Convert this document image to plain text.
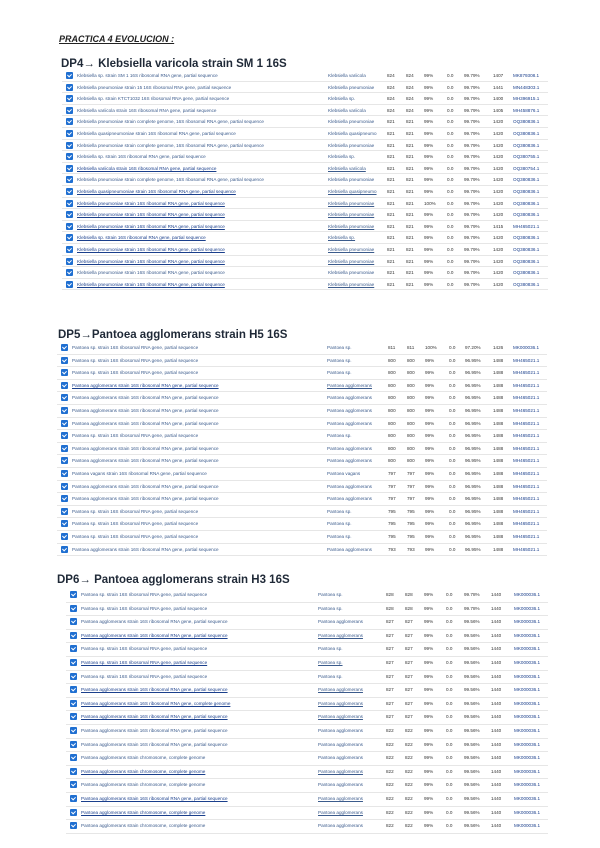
PRACTICA 4 EVOLUCION :
DP4→ Klebsiella varicola strain SM 1 16S
Klebsiella sp. strain SM 1 16S ribosomal RNA gene, partial sequence	Klebsiella variicola	824	824	99%	0.0	99.79%	1407	MK879308.1
Klebsiella pneumoniae strain 15 16S ribosomal RNA gene, partial sequence	Klebsiella pneumoniae	824	824	99%	0.0	99.79%	1441	MN448303.1
Klebsiella sp. strain KTCT1032 16S ribosomal RNA gene, partial sequence	Klebsiella sp.	824	824	99%	0.0	99.79%	1400	MH396915.1
Klebsiella variicola strain 16S ribosomal RNA gene, partial sequence	Klebsiella variicola	824	824	99%	0.0	99.79%	1405	MH458876.1
Klebsiella pneumoniae strain complete genome, 16S ribosomal RNA gene, partial sequence	Klebsiella pneumoniae	821	821	99%	0.0	99.79%	1420	OQ380836.1
Klebsiella quasipneumoniae strain 16S ribosomal RNA gene, partial sequence	Klebsiella quasipneumo	821	821	99%	0.0	99.79%	1420	OQ380836.1
Klebsiella pneumoniae strain complete genome, 16S ribosomal RNA gene, partial sequence	Klebsiella pneumoniae	821	821	99%	0.0	99.79%	1420	OQ380836.1
Klebsiella sp. strain 16S ribosomal RNA gene, partial sequence	Klebsiella sp.	821	821	99%	0.0	99.79%	1420	OQ380755.1
Klebsiella variicola strain 16S ribosomal RNA gene, partial sequence	Klebsiella variicola	821	821	99%	0.0	99.79%	1420	OQ380754.1
Klebsiella pneumoniae strain complete genome, 16S ribosomal RNA gene, partial sequence	Klebsiella pneumoniae	821	821	99%	0.0	99.79%	1420	OQ380836.1
Klebsiella quasipneumoniae strain 16S ribosomal RNA gene, partial sequence	Klebsiella quasipneumo	821	821	99%	0.0	99.79%	1420	OQ380836.1
Klebsiella pneumoniae strain 16S ribosomal RNA gene, partial sequence	Klebsiella pneumoniae	821	821	100%	0.0	99.79%	1420	OQ380836.1
Klebsiella pneumoniae strain 16S ribosomal RNA gene, partial sequence	Klebsiella pneumoniae	821	821	99%	0.0	99.79%	1420	OQ380836.1
Klebsiella pneumoniae strain 16S ribosomal RNA gene, partial sequence	Klebsiella pneumoniae	821	821	99%	0.0	99.79%	1415	MH465021.1
Klebsiella sp. strain 16S ribosomal RNA gene, partial sequence	Klebsiella sp.	821	821	99%	0.0	99.79%	1420	OQ380836.1
Klebsiella pneumoniae strain 16S ribosomal RNA gene, partial sequence	Klebsiella pneumoniae	821	821	99%	0.0	99.79%	1420	OQ380836.1
Klebsiella pneumoniae strain 16S ribosomal RNA gene, partial sequence	Klebsiella pneumoniae	821	821	99%	0.0	99.79%	1420	OQ380836.1
Klebsiella pneumoniae strain 16S ribosomal RNA gene, partial sequence	Klebsiella pneumoniae	821	821	99%	0.0	99.79%	1420	OQ380836.1
Klebsiella pneumoniae strain 16S ribosomal RNA gene, partial sequence	Klebsiella pneumoniae	821	821	99%	0.0	99.79%	1420	OQ380836.1
DP5→Pantoea agglomerans strain H5 16S
Pantoea sp. strain 16S ribosomal RNA gene, partial sequence	Pantoea sp.	811	811	100%	0.0	97.20%	1426	MK000036.1
Pantoea sp. strain 16S ribosomal RNA gene, partial sequence	Pantoea sp.	800	800	99%	0.0	96.95%	1488	MH465021.1
Pantoea sp. strain 16S ribosomal RNA gene, partial sequence	Pantoea sp.	800	800	99%	0.0	96.95%	1488	MH465021.1
Pantoea agglomerans strain 16S ribosomal RNA gene, partial sequence	Pantoea agglomerans	800	800	99%	0.0	96.95%	1488	MH465021.1
Pantoea agglomerans strain 16S ribosomal RNA gene, partial sequence	Pantoea agglomerans	800	800	99%	0.0	96.95%	1488	MH465021.1
Pantoea agglomerans strain 16S ribosomal RNA gene, partial sequence	Pantoea agglomerans	800	800	99%	0.0	96.95%	1488	MH465021.1
Pantoea agglomerans strain 16S ribosomal RNA gene, partial sequence	Pantoea agglomerans	800	800	99%	0.0	96.95%	1488	MH465021.1
Pantoea sp. strain 16S ribosomal RNA gene, partial sequence	Pantoea sp.	800	800	99%	0.0	96.95%	1488	MH465021.1
Pantoea agglomerans strain 16S ribosomal RNA gene, partial sequence	Pantoea agglomerans	800	800	99%	0.0	96.95%	1488	MH465021.1
Pantoea agglomerans strain 16S ribosomal RNA gene, partial sequence	Pantoea agglomerans	800	800	99%	0.0	96.95%	1488	MH465021.1
Pantoea vagans strain 16S ribosomal RNA gene, partial sequence	Pantoea vagans	797	797	99%	0.0	96.95%	1488	MH465021.1
Pantoea agglomerans strain 16S ribosomal RNA gene, partial sequence	Pantoea agglomerans	797	797	99%	0.0	96.95%	1488	MH465021.1
Pantoea agglomerans strain 16S ribosomal RNA gene, partial sequence	Pantoea agglomerans	797	797	99%	0.0	96.95%	1488	MH465021.1
Pantoea sp. strain 16S ribosomal RNA gene, partial sequence	Pantoea sp.	795	795	99%	0.0	96.95%	1488	MH465021.1
Pantoea sp. strain 16S ribosomal RNA gene, partial sequence	Pantoea sp.	795	795	99%	0.0	96.95%	1488	MH465021.1
Pantoea sp. strain 16S ribosomal RNA gene, partial sequence	Pantoea sp.	795	795	99%	0.0	96.95%	1488	MH465021.1
Pantoea agglomerans strain 16S ribosomal RNA gene, partial sequence	Pantoea agglomerans	793	793	99%	0.0	96.95%	1488	MH465021.1
DP6→ Pantoea agglomerans strain H3 16S
Pantoea sp. strain 16S ribosomal RNA gene, partial sequence	Pantoea sp.	828	828	99%	0.0	99.78%	1440	MK000036.1
Pantoea sp. strain 16S ribosomal RNA gene, partial sequence	Pantoea sp.	828	828	99%	0.0	99.78%	1440	MK000036.1
Pantoea agglomerans strain 16S ribosomal RNA gene, partial sequence	Pantoea agglomerans	827	827	99%	0.0	99.56%	1440	MK000036.1
Pantoea agglomerans strain 16S ribosomal RNA gene, partial sequence	Pantoea agglomerans	827	827	99%	0.0	99.56%	1440	MK000036.1
Pantoea sp. strain 16S ribosomal RNA gene, partial sequence	Pantoea sp.	827	827	99%	0.0	99.56%	1440	MK000036.1
Pantoea sp. strain 16S ribosomal RNA gene, partial sequence	Pantoea sp.	827	827	99%	0.0	99.56%	1440	MK000036.1
Pantoea sp. strain 16S ribosomal RNA gene, partial sequence	Pantoea sp.	827	827	99%	0.0	99.56%	1440	MK000036.1
Pantoea agglomerans strain 16S ribosomal RNA gene, partial sequence	Pantoea agglomerans	827	827	99%	0.0	99.56%	1440	MK000036.1
Pantoea agglomerans strain 16S ribosomal RNA gene, complete genome	Pantoea agglomerans	827	827	99%	0.0	99.56%	1440	MK000036.1
Pantoea agglomerans strain 16S ribosomal RNA gene, partial sequence	Pantoea agglomerans	827	827	99%	0.0	99.56%	1440	MK000036.1
Pantoea agglomerans strain 16S ribosomal RNA gene, partial sequence	Pantoea agglomerans	822	822	99%	0.0	99.56%	1440	MK000036.1
Pantoea agglomerans strain 16S ribosomal RNA gene, partial sequence	Pantoea agglomerans	822	822	99%	0.0	99.56%	1440	MK000036.1
Pantoea agglomerans strain chromosome, complete genome	Pantoea agglomerans	822	822	99%	0.0	99.56%	1440	MK000036.1
Pantoea agglomerans strain chromosome, complete genome	Pantoea agglomerans	822	822	99%	0.0	99.56%	1440	MK000036.1
Pantoea agglomerans strain chromosome, complete genome	Pantoea agglomerans	822	822	99%	0.0	99.56%	1440	MK000036.1
Pantoea agglomerans strain 16S ribosomal RNA gene, partial sequence	Pantoea agglomerans	822	822	99%	0.0	99.56%	1440	MK000036.1
Pantoea agglomerans strain chromosome, complete genome	Pantoea agglomerans	822	822	99%	0.0	99.56%	1440	MK000036.1
Pantoea agglomerans strain chromosome, complete genome	Pantoea agglomerans	822	822	99%	0.0	99.56%	1440	MK000036.1
